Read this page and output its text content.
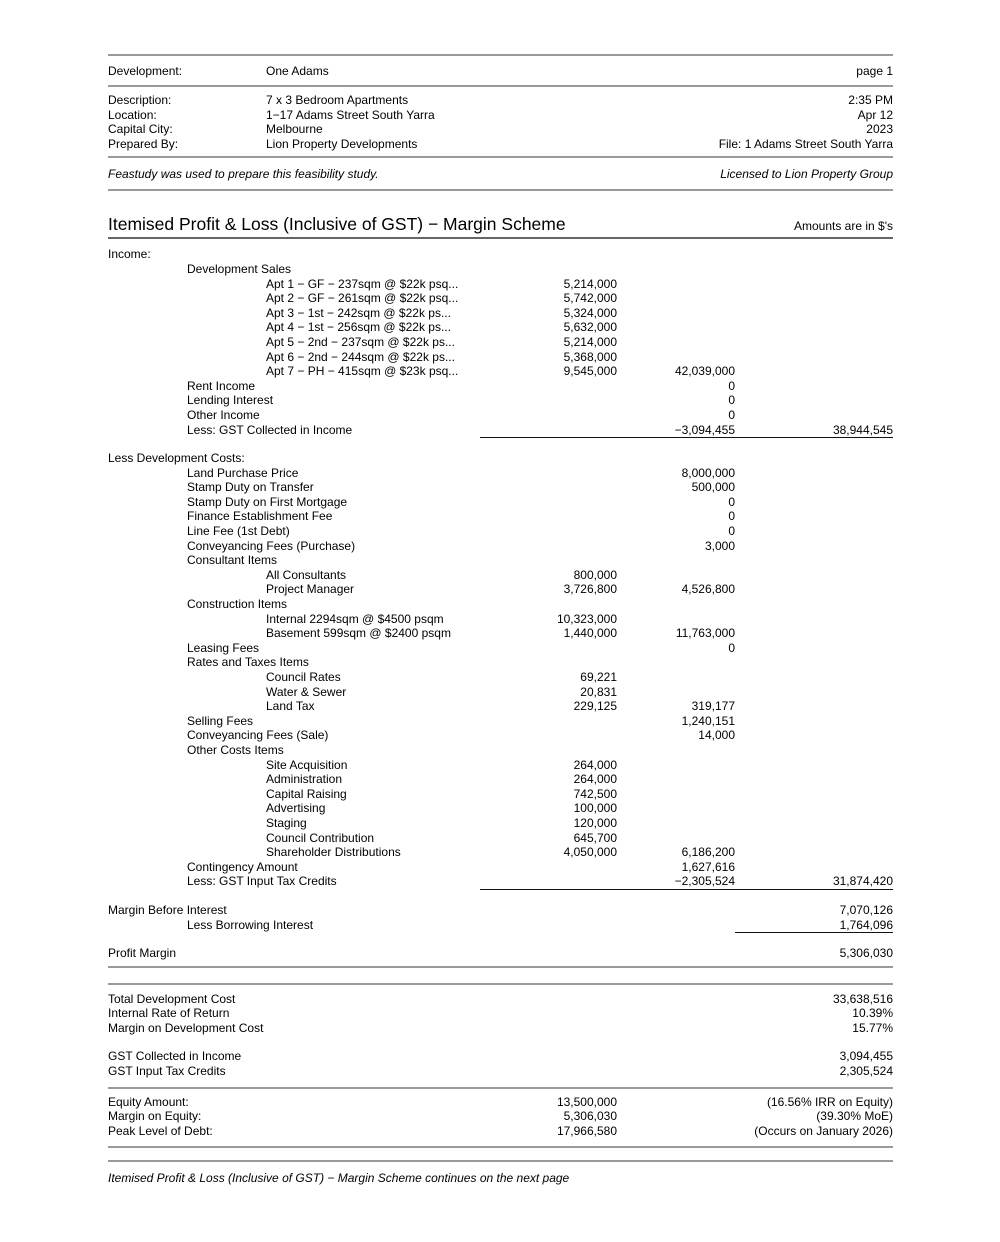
Development:	One Adams	page 1
Description:	7 x 3 Bedroom Apartments	2:35 PM
Location:	1−17 Adams Street South Yarra	Apr 12
Capital City:	Melbourne	2023
Prepared By:	Lion Property Developments	File: 1 Adams Street South Yarra
Feastudy was used to prepare this feasibility study.	Licensed to Lion Property Group
Itemised Profit & Loss (Inclusive of GST) − Margin Scheme	Amounts are in $'s
Income:
Development Sales
Apt 1 − GF − 237sqm @ $22k psq...	5,214,000
Apt 2 − GF − 261sqm @ $22k psq...	5,742,000
Apt 3 − 1st − 242sqm @ $22k ps...	5,324,000
Apt 4 − 1st − 256sqm @ $22k ps...	5,632,000
Apt 5 − 2nd − 237sqm @ $22k ps...	5,214,000
Apt 6 − 2nd − 244sqm @ $22k ps...	5,368,000
Apt 7 − PH − 415sqm @ $23k psq...	9,545,000	42,039,000
Rent Income	0
Lending Interest	0
Other Income	0
Less: GST Collected in Income	−3,094,455	38,944,545
Less Development Costs:
Land Purchase Price	8,000,000
Stamp Duty on Transfer	500,000
Stamp Duty on First Mortgage	0
Finance Establishment Fee	0
Line Fee (1st Debt)	0
Conveyancing Fees (Purchase)	3,000
Consultant Items
All Consultants	800,000
Project Manager	3,726,800	4,526,800
Construction Items
Internal 2294sqm @ $4500 psqm	10,323,000
Basement 599sqm @ $2400 psqm	1,440,000	11,763,000
Leasing Fees	0
Rates and Taxes Items
Council Rates	69,221
Water & Sewer	20,831
Land Tax	229,125	319,177
Selling Fees	1,240,151
Conveyancing Fees (Sale)	14,000
Other Costs Items
Site Acquisition	264,000
Administration	264,000
Capital Raising	742,500
Advertising	100,000
Staging	120,000
Council Contribution	645,700
Shareholder Distributions	4,050,000	6,186,200
Contingency Amount	1,627,616
Less: GST Input Tax Credits	−2,305,524	31,874,420
Margin Before Interest	7,070,126
Less Borrowing Interest	1,764,096
Profit Margin	5,306,030
Total Development Cost	33,638,516
Internal Rate of Return	10.39%
Margin on Development Cost	15.77%
GST Collected in Income	3,094,455
GST Input Tax Credits	2,305,524
Equity Amount:	13,500,000	(16.56% IRR on Equity)
Margin on Equity:	5,306,030	(39.30% MoE)
Peak Level of Debt:	17,966,580	(Occurs on January 2026)
Itemised Profit & Loss (Inclusive of GST) − Margin Scheme continues on the next page
